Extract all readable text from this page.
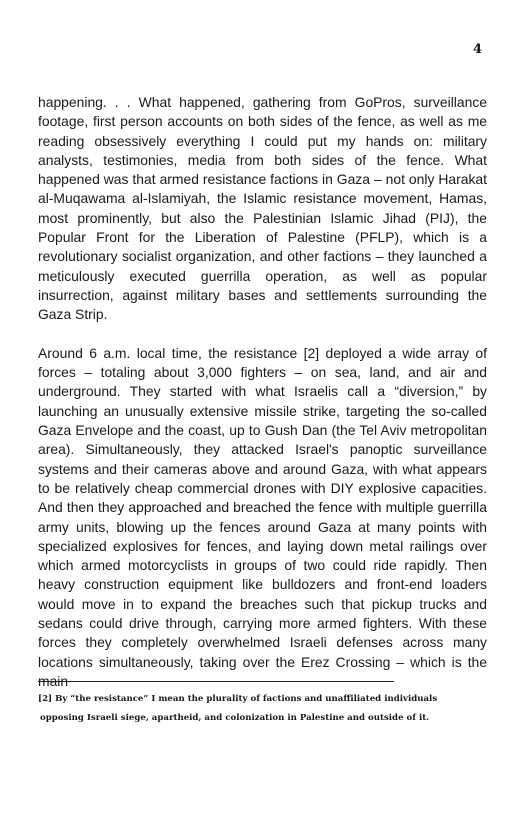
4

happening. . . What happened, gathering from GoPros, surveillance footage, first person accounts on both sides of the fence, as well as me reading obsessively everything I could put my hands on: military analysts, testimonies, media from both sides of the fence. What happened was that armed resistance factions in Gaza – not only Harakat al-Muqawama al-Islamiyah, the Islamic resistance movement, Hamas, most prominently, but also the Palestinian Islamic Jihad (PIJ), the Popular Front for the Liberation of Palestine (PFLP), which is a revolutionary socialist organization, and other factions – they launched a meticulously executed guerrilla operation, as well as popular insurrection, against military bases and settlements surrounding the Gaza Strip.

Around 6 a.m. local time, the resistance [2] deployed a wide array of forces – totaling about 3,000 fighters – on sea, land, and air and underground. They started with what Israelis call a “diversion,” by launching an unusually extensive missile strike, targeting the so-called Gaza Envelope and the coast, up to Gush Dan (the Tel Aviv metropolitan area). Simultaneously, they attacked Israel's panoptic surveillance systems and their cameras above and around Gaza, with what appears to be relatively cheap commercial drones with DIY explosive capacities. And then they approached and breached the fence with multiple guerrilla army units, blowing up the fences around Gaza at many points with specialized explosives for fences, and laying down metal railings over which armed motorcyclists in groups of two could ride rapidly. Then heavy construction equipment like bulldozers and front-end loaders would move in to expand the breaches such that pickup trucks and sedans could drive through, carrying more armed fighters. With these forces they completely overwhelmed Israeli defenses across many locations simultaneously, taking over the Erez Crossing – which is the main

[2] By “the resistance” I mean the plurality of factions and unaffiliated individuals
opposing Israeli siege, apartheid, and colonization in Palestine and outside of it.
